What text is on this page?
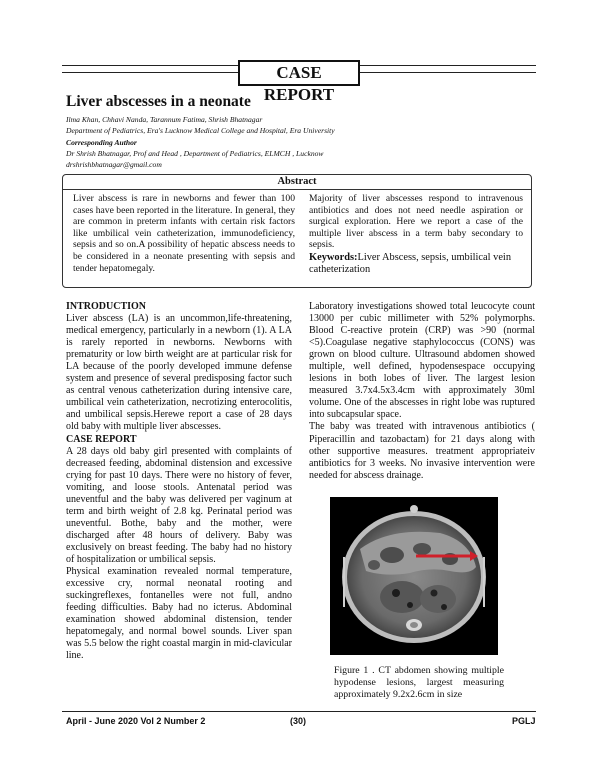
CASE REPORT
Liver abscesses in a neonate
Ilma Khan, Chhavi Nanda, Tarannum Fatima, Shrish Bhatnagar
Department of Pediatrics, Era's Lucknow Medical College and Hospital, Era University
Corresponding Author
Dr Shrish Bhatnagar, Prof and Head , Department of Pediatrics, ELMCH , Lucknow
drshrishbhatnagar@gmail.com
Abstract
Liver abscess is rare in newborns and fewer than 100 cases have been reported in the literature. In general, they are common in preterm infants with certain risk factors like umbilical vein catheterization, immunodeficiency, sepsis and so on.A possibility of hepatic abscess needs to be considered in a neonate presenting with sepsis and tender hepatomegaly.
Majority of liver abscesses respond to intravenous antibiotics and does not need needle aspiration or surgical exploration. Here we report a case of the multiple liver abscess in a term baby secondary to sepsis.
Keywords:Liver Abscess, sepsis, umbilical vein catheterization

INTRODUCTION

Liver abscess (LA) is an uncommon,life-threatening, medical emergency, particularly in a newborn (1). A LA is rarely reported in newborns. Newborns with prematurity or low birth weight are at particular risk for LA because of the poorly developed immune defense system and presence of several predisposing factor such as central venous catheterization during intensive care, umbilical vein catheterization, necrotizing enterocolitis, and umbilical sepsis.Herewe report a case of 28 days old baby with multiple liver abscesses.

CASE REPORT

A 28 days old baby girl presented with complaints of decreased feeding, abdominal distension and excessive crying for past 10 days. There were no history of fever, vomiting, and loose stools. Antenatal period was uneventful and the baby was delivered per vaginum at term and birth weight of 2.8 kg. Perinatal period was uneventful. Bothe, baby and the mother, were discharged after 48 hours of delivery. Baby was exclusively on breast feeding. The baby had no history of hospitalization or umbilical sepsis.

Physical examination revealed normal temperature, excessive cry, normal neonatal rooting and suckingreflexes, fontanelles were not full, andno feeding difficulties. Baby had no icterus. Abdominal examination showed abdominal distension, tender hepatomegaly, and normal bowel sounds. Liver span was 5.5 below the right coastal margin in mid-clavicular line.

Laboratory investigations showed total leucocyte count 13000 per cubic millimeter with 52% polymorphs. Blood C-reactive protein (CRP) was >90 (normal <5).Coagulase negative staphylococcus (CONS) was grown on blood culture. Ultrasound abdomen showed multiple, well defined, hypodensespace occupying lesions in both lobes of liver. The largest lesion measured 3.7x4.5x3.4cm with approximately 30ml volume. One of the abscesses in right lobe was ruptured into subcapsular space.

The baby was treated with intravenous antibiotics ( Piperacillin and tazobactam) for 21 days along with other supportive measures. treatment appropriateiv antibiotics for 3 weeks. No invasive intervention were needed for abscess drainage.

Figure 1 . CT abdomen showing multiple hypodense lesions, largest measuring approximately 9.2x2.6cm in size
April - June 2020 Vol 2 Number 2	(30)	PGLJ
